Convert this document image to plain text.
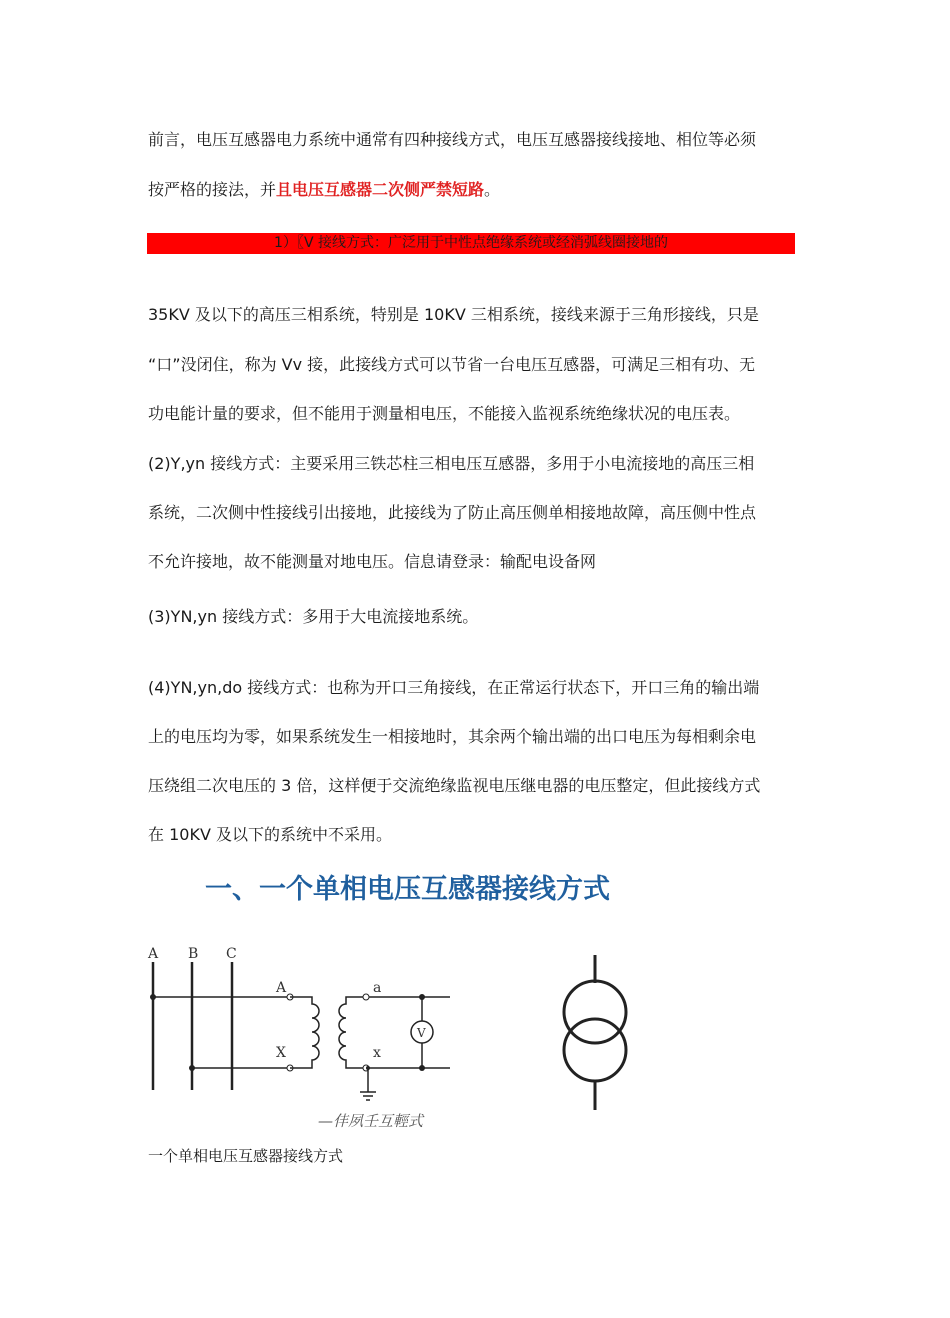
前言，电压互感器电力系统中通常有四种接线方式，电压互感器接线接地、相位等必须
按严格的接法，并且电压互感器二次侧严禁短路。
1）〖V 接线方式：广泛用于中性点绝缘系统或经消弧线圈接地的
35KV 及以下的高压三相系统，特别是 10KV 三相系统，接线来源于三角形接线，只是
“口”没闭住，称为 Vv 接，此接线方式可以节省一台电压互感器，可满足三相有功、无
功电能计量的要求，但不能用于测量相电压，不能接入监视系统绝缘状况的电压表。
(2)Y,yn 接线方式：主要采用三铁芯柱三相电压互感器，多用于小电流接地的高压三相
系统，二次侧中性接线引出接地，此接线为了防止高压侧单相接地故障，高压侧中性点
不允许接地，故不能测量对地电压。信息请登录：输配电设备网
(3)YN,yn 接线方式：多用于大电流接地系统。
(4)YN,yn,do 接线方式：也称为开口三角接线，在正常运行状态下，开口三角的输出端
上的电压均为零，如果系统发生一相接地时，其余两个输出端的出口电压为每相剩余电
压绕组二次电压的 3 倍，这样便于交流绝缘监视电压继电器的电压整定，但此接线方式
在 10KV 及以下的系统中不采用。
一、一个单相电压互感器接线方式
A B C
A
X
a
x
V
—仹夙壬互輕式
一个单相电压互感器接线方式
